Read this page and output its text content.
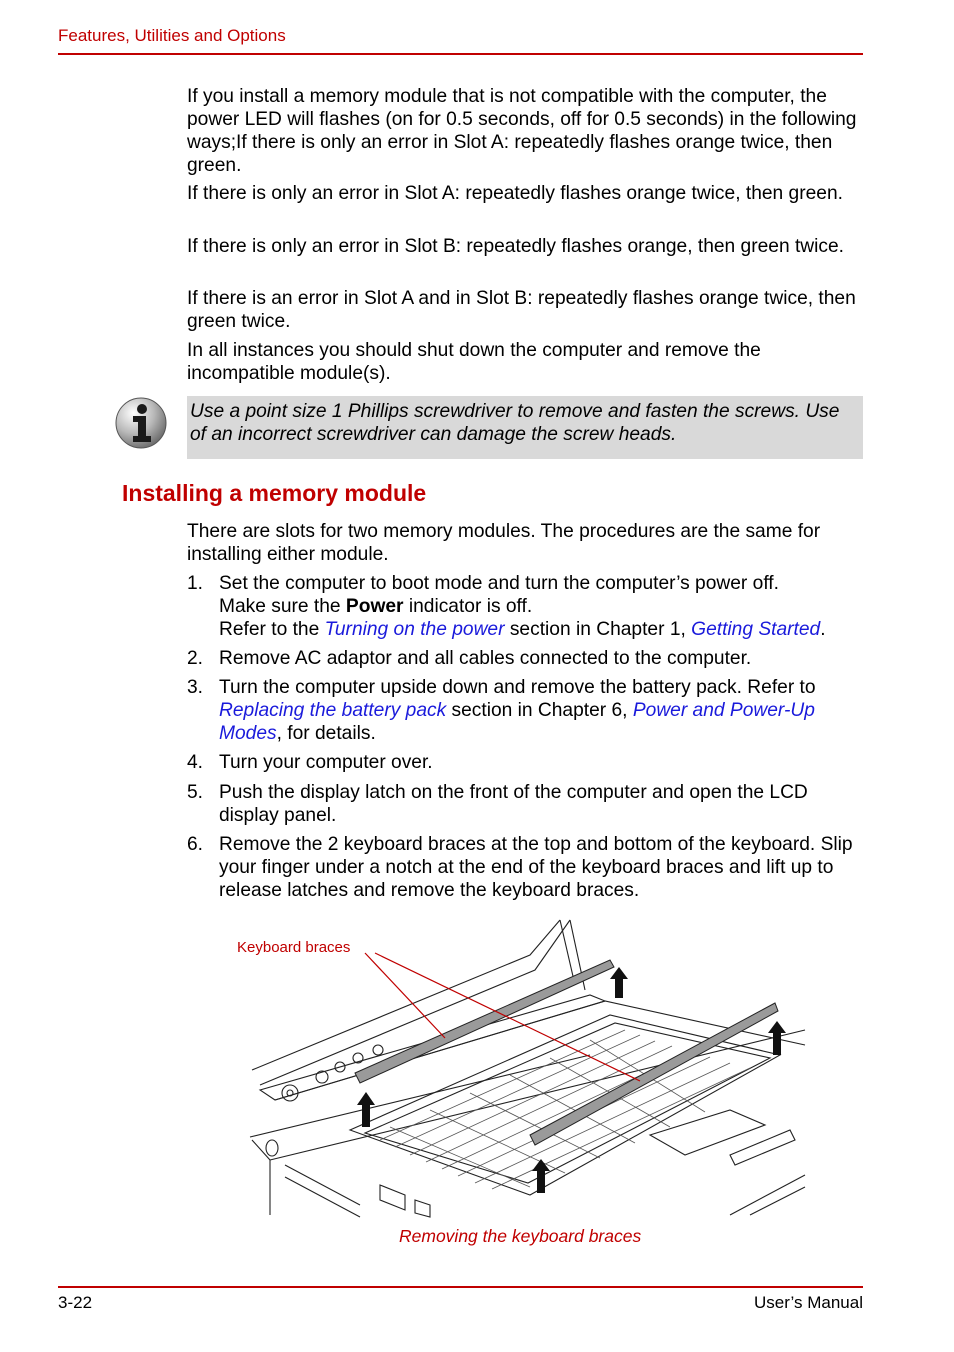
Features, Utilities and Options
If you install a memory module that is not compatible with the computer, the power LED will flashes (on for 0.5 seconds, off for 0.5 seconds) in the following ways;If there is only an error in Slot A: repeatedly flashes orange twice, then green.
If there is only an error in Slot A: repeatedly flashes orange twice, then green.
If there is only an error in Slot B: repeatedly flashes orange, then green twice.
If there is an error in Slot A and in Slot B: repeatedly flashes orange twice, then green twice.
In all instances you should shut down the computer and remove the incompatible module(s).
Use a point size 1 Phillips screwdriver to remove and fasten the screws. Use of an incorrect screwdriver can damage the screw heads.
Installing a memory module
There are slots for two memory modules. The procedures are the same for installing either module.
1. Set the computer to boot mode and turn the computer’s power off.
Make sure the Power indicator is off.
Refer to the Turning on the power section in Chapter 1, Getting Started.
2. Remove AC adaptor and all cables connected to the computer.
3. Turn the computer upside down and remove the battery pack. Refer to Replacing the battery pack section in Chapter 6, Power and Power-Up Modes, for details.
4. Turn your computer over.
5. Push the display latch on the front of the computer and open the LCD display panel.
6. Remove the 2 keyboard braces at the top and bottom of the keyboard. Slip your finger under a notch at the end of the keyboard braces and lift up to release latches and remove the keyboard braces.
Keyboard braces
Removing the keyboard braces
3-22	User’s Manual
